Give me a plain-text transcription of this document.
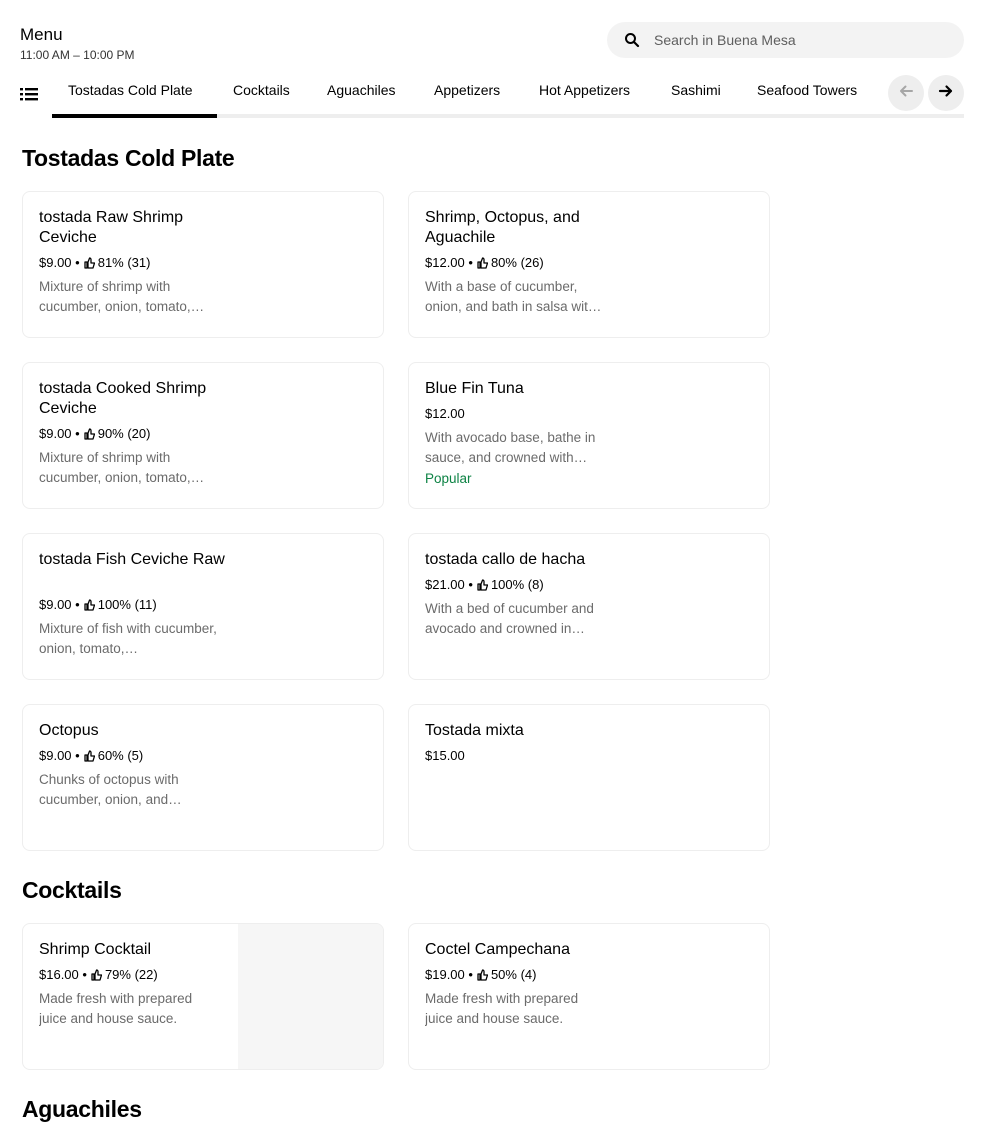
Menu
11:00 AM – 10:00 PM
Search in Buena Mesa
Tostadas Cold Plate	Cocktails	Aguachiles	Appetizers	Hot Appetizers	Sashimi	Seafood Towers
Tostadas Cold Plate
tostada Raw Shrimp Ceviche
$9.00 • 81% (31)
Mixture of shrimp with cucumber, onion, tomato,…
Shrimp, Octopus, and Aguachile
$12.00 • 80% (26)
With a base of cucumber, onion, and bath in salsa wit…
tostada Cooked Shrimp Ceviche
$9.00 • 90% (20)
Mixture of shrimp with cucumber, onion, tomato,…
Blue Fin Tuna
$12.00
With avocado base, bathe in sauce, and crowned with…
Popular
tostada Fish Ceviche Raw
$9.00 • 100% (11)
Mixture of fish with cucumber, onion, tomato,…
tostada callo de hacha
$21.00 • 100% (8)
With a bed of cucumber and avocado and crowned in…
Octopus
$9.00 • 60% (5)
Chunks of octopus with cucumber, onion, and…
Tostada mixta
$15.00
Cocktails
Shrimp Cocktail
$16.00 • 79% (22)
Made fresh with prepared juice and house sauce.
Coctel Campechana
$19.00 • 50% (4)
Made fresh with prepared juice and house sauce.
Aguachiles
